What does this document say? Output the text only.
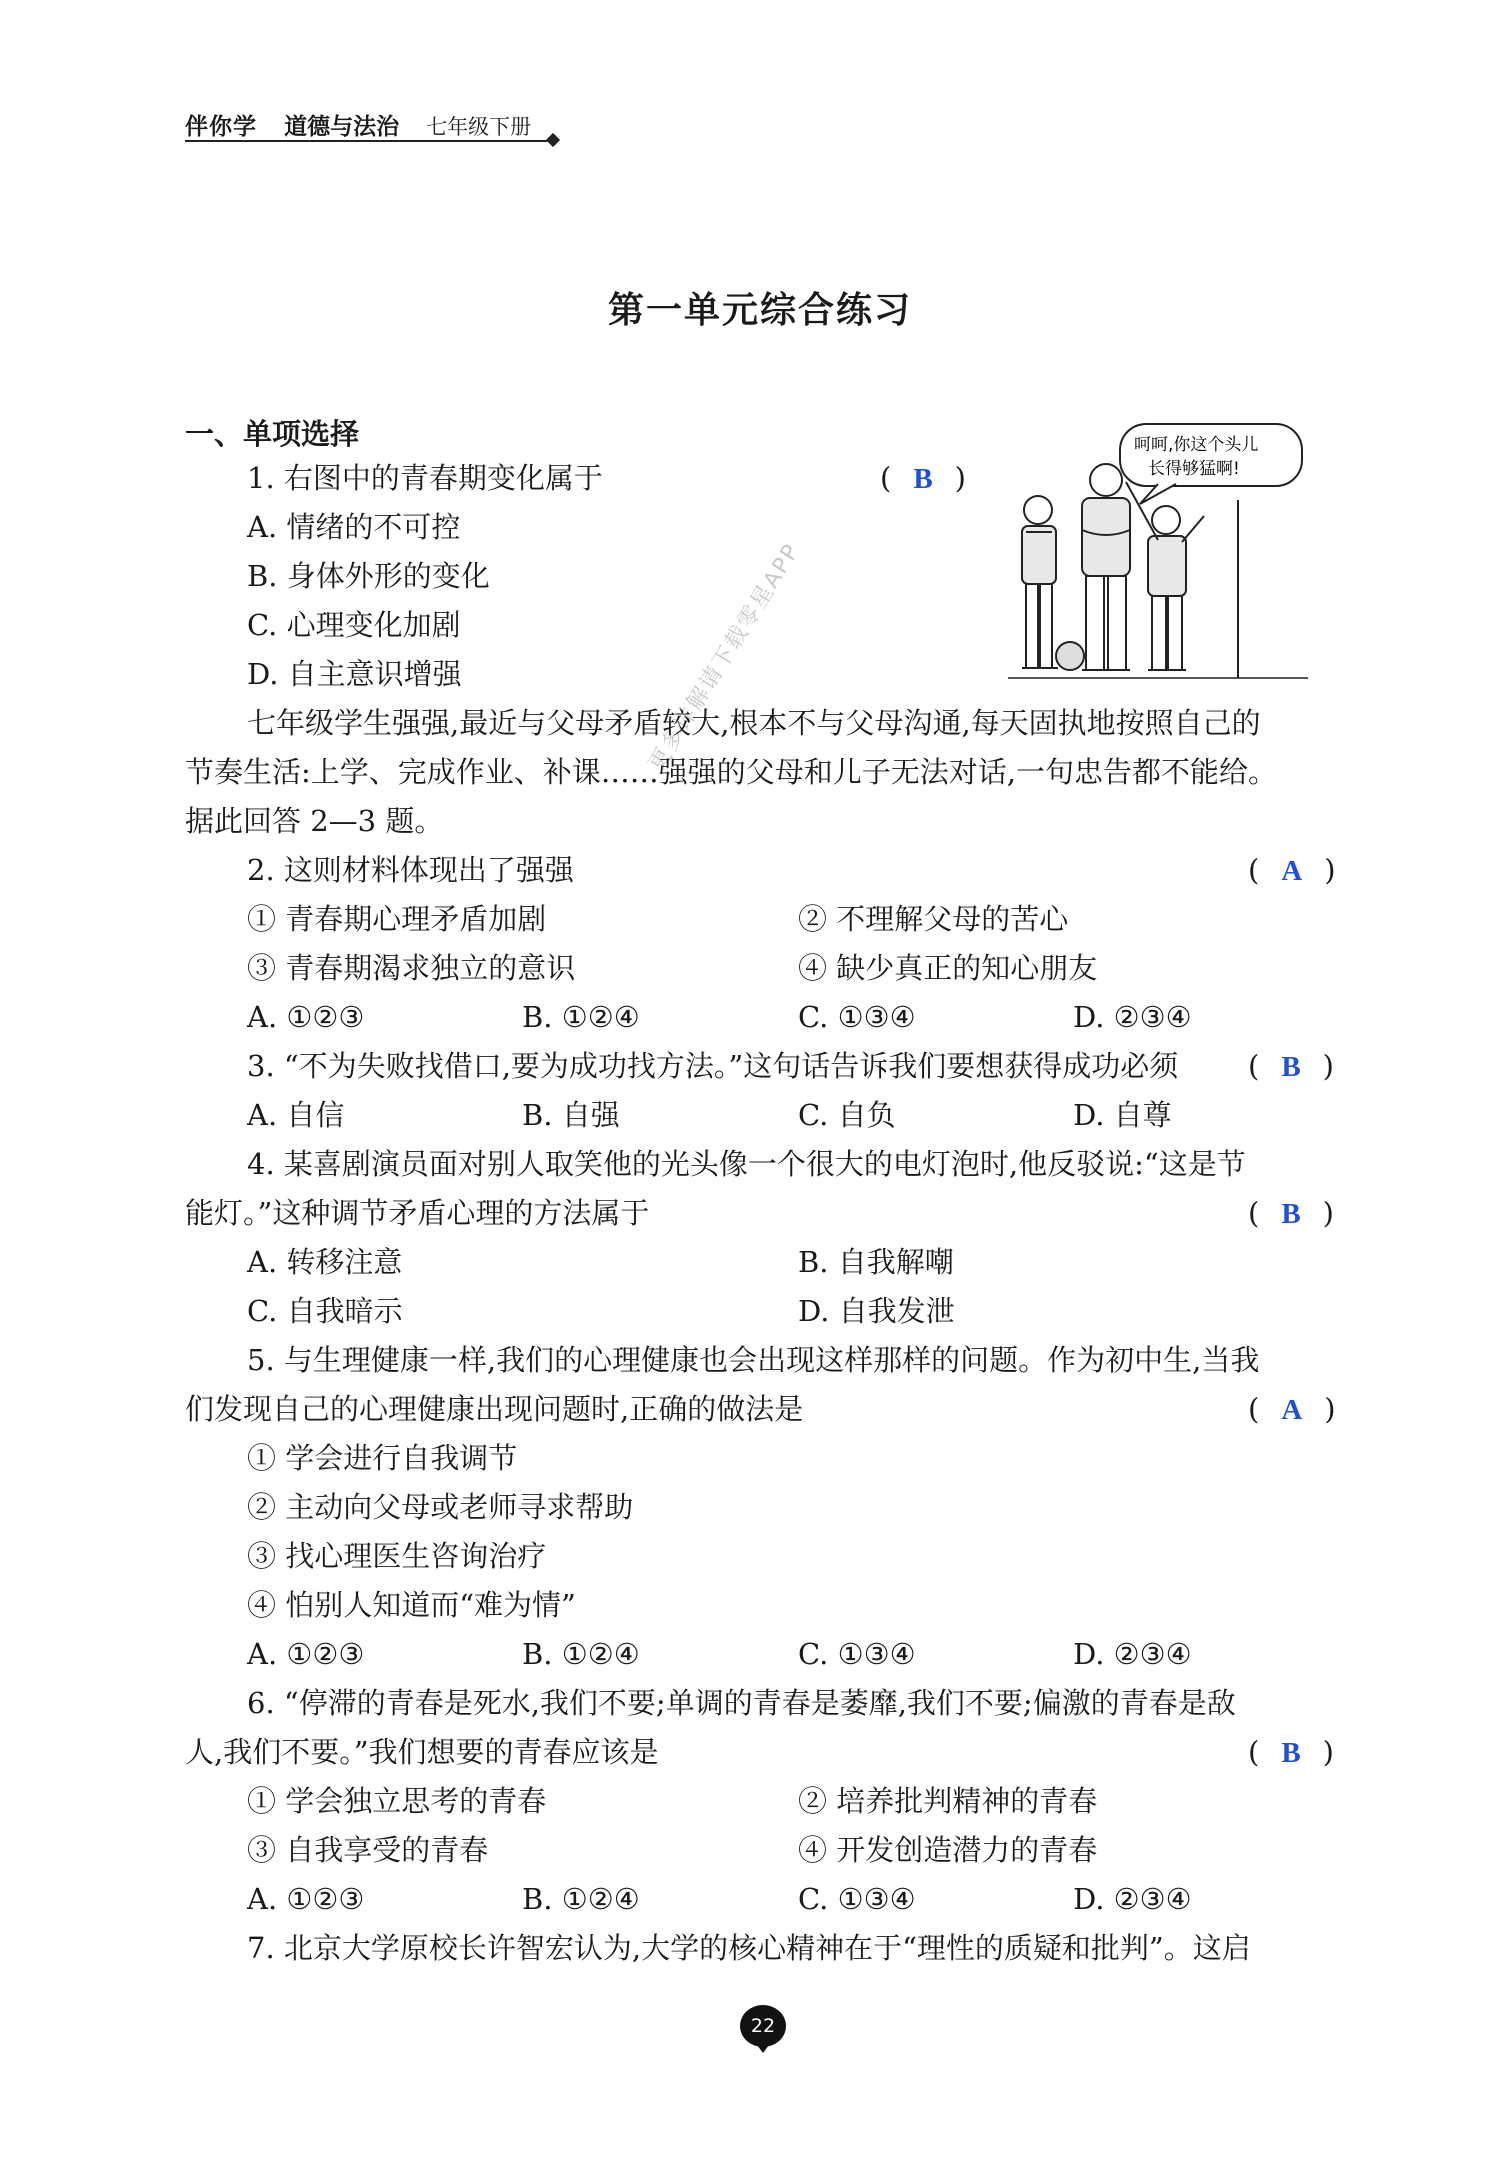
伴你学 道德与法治 七年级下册
第一单元综合练习
一、单项选择
更多详解请下载零星APP
呵呵,你这个头儿
长得够猛啊!
1. 右图中的青春期变化属于	( B )
A. 情绪的不可控
B. 身体外形的变化
C. 心理变化加剧
D. 自主意识增强
七年级学生强强,最近与父母矛盾较大,根本不与父母沟通,每天固执地按照自己的
节奏生活:上学、完成作业、补课……强强的父母和儿子无法对话,一句忠告都不能给。
据此回答 2—3 题。
2. 这则材料体现出了强强	( A )
① 青春期心理矛盾加剧	② 不理解父母的苦心
③ 青春期渴求独立的意识	④ 缺少真正的知心朋友
A. ①②③	B. ①②④	C. ①③④	D. ②③④
3. “不为失败找借口,要为成功找方法。”这句话告诉我们要想获得成功必须 ( B )
A. 自信	B. 自强	C. 自负	D. 自尊
4. 某喜剧演员面对别人取笑他的光头像一个很大的电灯泡时,他反驳说:“这是节
能灯。”这种调节矛盾心理的方法属于	( B )
A. 转移注意	B. 自我解嘲
C. 自我暗示	D. 自我发泄
5. 与生理健康一样,我们的心理健康也会出现这样那样的问题。作为初中生,当我
们发现自己的心理健康出现问题时,正确的做法是	( A )
① 学会进行自我调节
② 主动向父母或老师寻求帮助
③ 找心理医生咨询治疗
④ 怕别人知道而“难为情”
A. ①②③	B. ①②④	C. ①③④	D. ②③④
6. “停滞的青春是死水,我们不要;单调的青春是萎靡,我们不要;偏激的青春是敌
人,我们不要。”我们想要的青春应该是	( B )
① 学会独立思考的青春	② 培养批判精神的青春
③ 自我享受的青春	④ 开发创造潜力的青春
A. ①②③	B. ①②④	C. ①③④	D. ②③④
7. 北京大学原校长许智宏认为,大学的核心精神在于“理性的质疑和批判”。这启
22
